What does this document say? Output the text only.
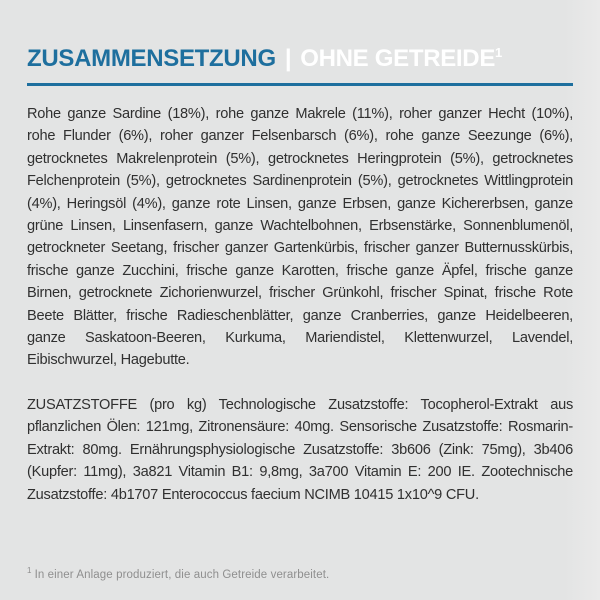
ZUSAMMENSETZUNG | OHNE GETREIDE$^1$

Rohe ganze Sardine (18%), rohe ganze Makrele (11%), roher ganzer Hecht (10%), rohe Flunder (6%), roher ganzer Felsenbarsch (6%), rohe ganze Seezunge (6%), getrocknetes Makrelenprotein (5%), getrocknetes Heringprotein (5%), getrocknetes Felchenprotein (5%), getrocknetes Sardinenprotein (5%), getrocknetes Wittlingprotein (4%), Heringsöl (4%), ganze rote Linsen, ganze Erbsen, ganze Kichererbsen, ganze grüne Linsen, Linsenfasern, ganze Wachtelbohnen, Erbsenstärke, Sonnenblumenöl, getrockneter Seetang, frischer ganzer Gartenkürbis, frischer ganzer Butternusskürbis, frische ganze Zucchini, frische ganze Karotten, frische ganze Äpfel, frische ganze Birnen, getrocknete Zichorienwurzel, frischer Grünkohl, frischer Spinat, frische Rote Beete Blätter, frische Radieschenblätter, ganze Cranberries, ganze Heidelbeeren, ganze Saskatoon-Beeren, Kurkuma, Mariendistel, Klettenwurzel, Lavendel, Eibischwurzel, Hagebutte.

ZUSATZSTOFFE (pro kg) Technologische Zusatzstoffe: Tocopherol-Extrakt aus pflanzlichen Ölen: 121mg, Zitronensäure: 40mg. Sensorische Zusatzstoffe: Rosmarin-Extrakt: 80mg. Ernährungsphysiologische Zusatzstoffe: 3b606 (Zink: 75mg), 3b406 (Kupfer: 11mg), 3a821 Vitamin B1: 9,8mg, 3a700 Vitamin E: 200 IE. Zootechnische Zusatzstoffe: 4b1707 Enterococcus faecium NCIMB 10415 1x10^9 CFU.

$^1$ In einer Anlage produziert, die auch Getreide verarbeitet.
